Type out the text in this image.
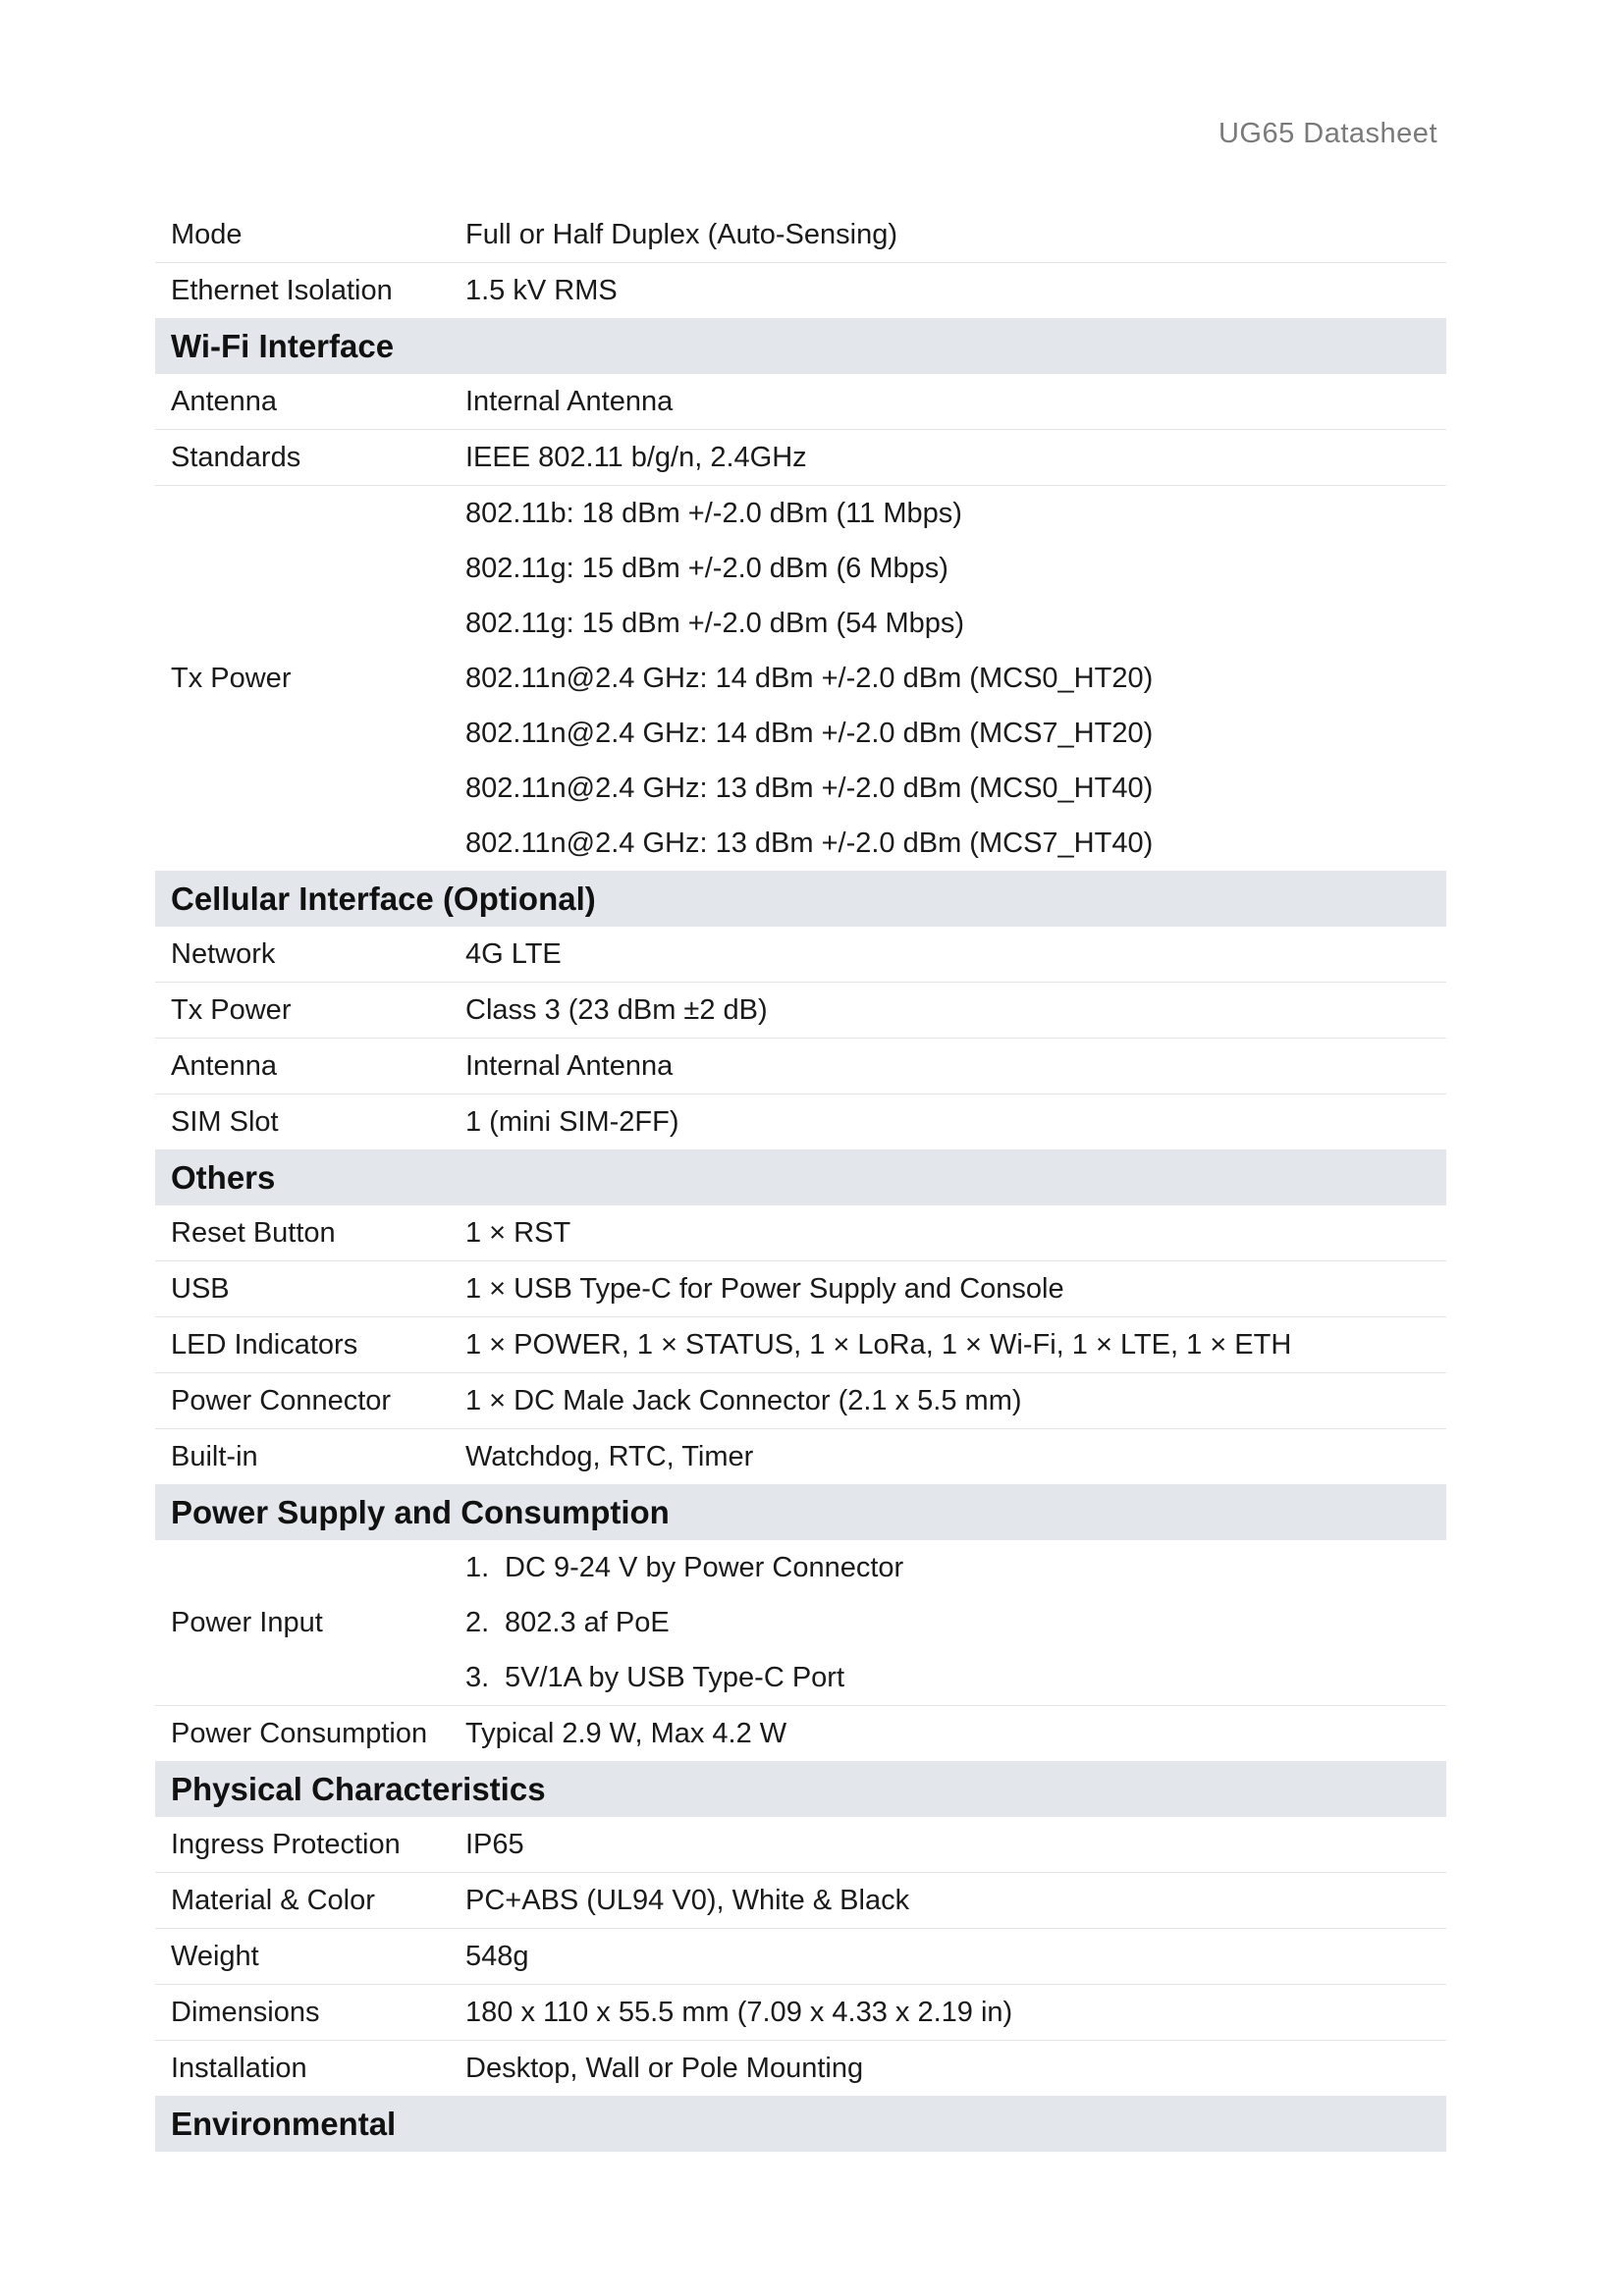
UG65 Datasheet
Mode	Full or Half Duplex (Auto-Sensing)
Ethernet Isolation	1.5 kV RMS
Wi-Fi Interface
Antenna	Internal Antenna
Standards	IEEE 802.11 b/g/n, 2.4GHz
Tx Power
802.11b: 18 dBm +/-2.0 dBm (11 Mbps)
802.11g: 15 dBm +/-2.0 dBm (6 Mbps)
802.11g: 15 dBm +/-2.0 dBm (54 Mbps)
802.11n@2.4 GHz: 14 dBm +/-2.0 dBm (MCS0_HT20)
802.11n@2.4 GHz: 14 dBm +/-2.0 dBm (MCS7_HT20)
802.11n@2.4 GHz: 13 dBm +/-2.0 dBm (MCS0_HT40)
802.11n@2.4 GHz: 13 dBm +/-2.0 dBm (MCS7_HT40)
Cellular Interface (Optional)
Network	4G LTE
Tx Power	Class 3 (23 dBm ±2 dB)
Antenna	Internal Antenna
SIM Slot	1 (mini SIM-2FF)
Others
Reset Button	1 × RST
USB	1 × USB Type-C for Power Supply and Console
LED Indicators	1 × POWER, 1 × STATUS, 1 × LoRa, 1 × Wi-Fi, 1 × LTE, 1 × ETH
Power Connector	1 × DC Male Jack Connector (2.1 x 5.5 mm)
Built-in	Watchdog, RTC, Timer
Power Supply and Consumption
Power Input
1. DC 9-24 V by Power Connector
2. 802.3 af PoE
3. 5V/1A by USB Type-C Port
Power Consumption	Typical 2.9 W, Max 4.2 W
Physical Characteristics
Ingress Protection	IP65
Material & Color	PC+ABS (UL94 V0), White & Black
Weight	548g
Dimensions	180 x 110 x 55.5 mm (7.09 x 4.33 x 2.19 in)
Installation	Desktop, Wall or Pole Mounting
Environmental
